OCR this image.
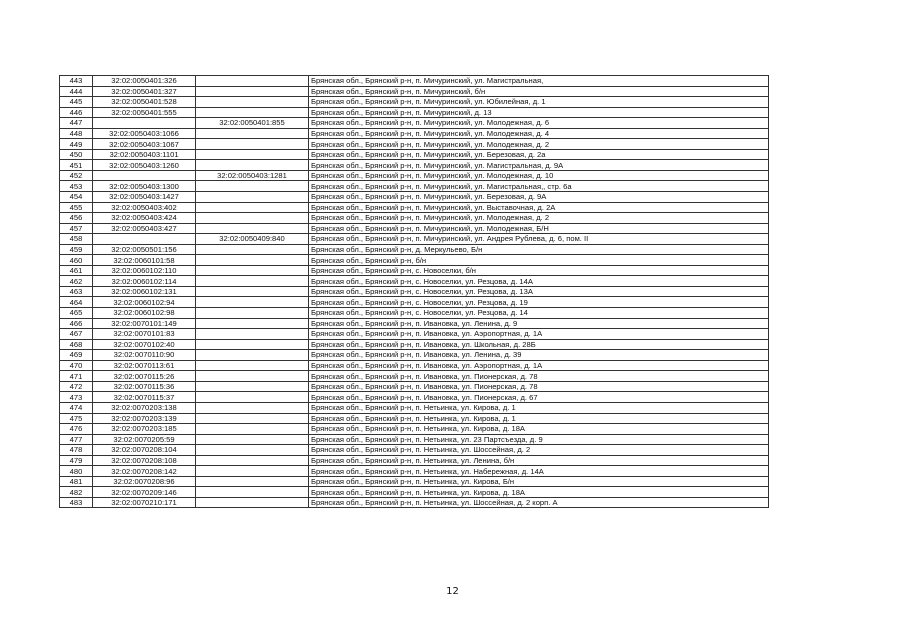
443	32:02:0050401:326		Брянская обл., Брянский р-н, п. Мичуринский, ул. Магистральная,
444	32:02:0050401:327		Брянская обл., Брянский р-н, п. Мичуринский, б/н
445	32:02:0050401:528		Брянская обл., Брянский р-н, п. Мичуринский, ул. Юбилейная, д. 1
446	32:02:0050401:555		Брянская обл., Брянский р-н, п. Мичуринский, д. 13
447		32:02:0050401:855	Брянская обл., Брянский р-н, п. Мичуринский, ул. Молодежная, д. 6
448	32:02:0050403:1066		Брянская обл., Брянский р-н, п. Мичуринский, ул. Молодежная, д. 4
449	32:02:0050403:1067		Брянская обл., Брянский р-н, п. Мичуринский, ул. Молодежная, д. 2
450	32:02:0050403:1101		Брянская обл., Брянский р-н, п. Мичуринский, ул. Березовая, д. 2а
451	32:02:0050403:1260		Брянская обл., Брянский р-н, п. Мичуринский, ул. Магистральная, д. 9А
452		32:02:0050403:1281	Брянская обл., Брянский р-н, п. Мичуринский, ул. Молодежная, д. 10
453	32:02:0050403:1300		Брянская обл., Брянский р-н, п. Мичуринский, ул. Магистральная,, стр. 6а
454	32:02:0050403:1427		Брянская обл., Брянский р-н, п. Мичуринский, ул. Березовая, д. 9А
455	32:02:0050403:402		Брянская обл., Брянский р-н, п. Мичуринский, ул. Выставочная, д. 2А
456	32:02:0050403:424		Брянская обл., Брянский р-н, п. Мичуринский, ул. Молодежная, д. 2
457	32:02:0050403:427		Брянская обл., Брянский р-н, п. Мичуринский, ул. Молодежная, Б/Н
458		32:02:0050409:840	Брянская обл., Брянский р-н, п. Мичуринский, ул. Андрея Рублева, д. 6, пом. II
459	32:02:0050501:156		Брянская обл., Брянский р-н, д. Меркульево, Б/н
460	32:02:0060101:58		Брянская обл., Брянский р-н, б/н
461	32:02:0060102:110		Брянская обл., Брянский р-н, с. Новоселки, б/н
462	32:02:0060102:114		Брянская обл., Брянский р-н, с. Новоселки, ул. Резцова, д. 14А
463	32:02:0060102:131		Брянская обл., Брянский р-н, с. Новоселки, ул. Резцова, д. 13А
464	32:02:0060102:94		Брянская обл., Брянский р-н, с. Новоселки, ул. Резцова, д. 19
465	32:02:0060102:98		Брянская обл., Брянский р-н, с. Новоселки, ул. Резцова, д. 14
466	32:02:0070101:149		Брянская обл., Брянский р-н, п. Ивановка, ул. Ленина, д. 9
467	32:02:0070101:83		Брянская обл., Брянский р-н, п. Ивановка, ул. Аэропортная, д. 1А
468	32:02:0070102:40		Брянская обл., Брянский р-н, п. Ивановка, ул. Школьная, д. 28Б
469	32:02:0070110:90		Брянская обл., Брянский р-н, п. Ивановка, ул. Ленина, д. 39
470	32:02:0070113:61		Брянская обл., Брянский р-н, п. Ивановка, ул. Аэропортная, д. 1А
471	32:02:0070115:26		Брянская обл., Брянский р-н, п. Ивановка, ул. Пионерская, д. 78
472	32:02:0070115:36		Брянская обл., Брянский р-н, п. Ивановка, ул. Пионерская, д. 78
473	32:02:0070115:37		Брянская обл., Брянский р-н, п. Ивановка, ул. Пионерская, д. 67
474	32:02:0070203:138		Брянская обл., Брянский р-н, п. Нетьинка, ул. Кирова, д. 1
475	32:02:0070203:139		Брянская обл., Брянский р-н, п. Нетьинка, ул. Кирова, д. 1
476	32:02:0070203:185		Брянская обл., Брянский р-н, п. Нетьинка, ул. Кирова, д. 18А
477	32:02:0070205:59		Брянская обл., Брянский р-н, п. Нетьинка, ул. 23 Партсъезда, д. 9
478	32:02:0070208:104		Брянская обл., Брянский р-н, п. Нетьинка, ул. Шоссейная, д. 2
479	32:02:0070208:108		Брянская обл., Брянский р-н, п. Нетьинка, ул. Ленина, б/н
480	32:02:0070208:142		Брянская обл., Брянский р-н, п. Нетьинка, ул. Набережная, д. 14А
481	32:02:0070208:96		Брянская обл., Брянский р-н, п. Нетьинка, ул. Кирова, Б/н
482	32:02:0070209:146		Брянская обл., Брянский р-н, п. Нетьинка, ул. Кирова, д. 18А
483	32:02:0070210:171		Брянская обл., Брянский р-н, п. Нетьинка, ул. Шоссейная, д. 2 корп. А
12
